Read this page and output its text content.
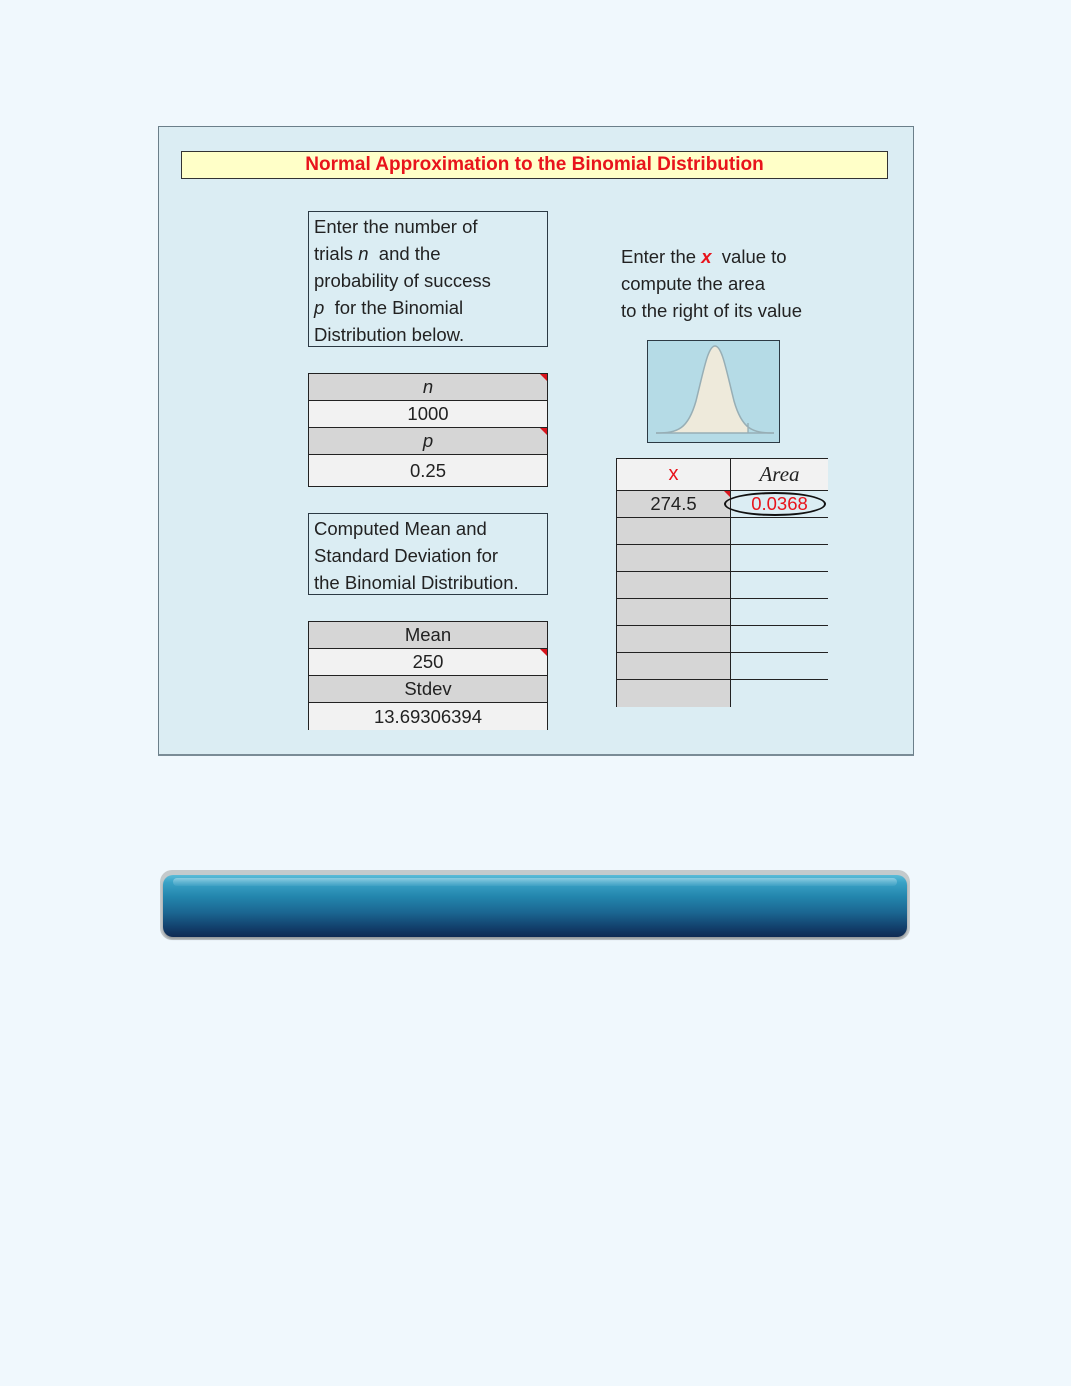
Normal Approximation to the Binomial Distribution
Enter the number of
trials n  and the
probability of success
p  for the Binomial
Distribution below.
n
1000
p
0.25
Computed Mean and
Standard Deviation for
the Binomial Distribution.
Mean
250
Stdev
13.69306394
Enter the x  value to
compute the area
to the right of its value
x	Area
274.5	0.0368
